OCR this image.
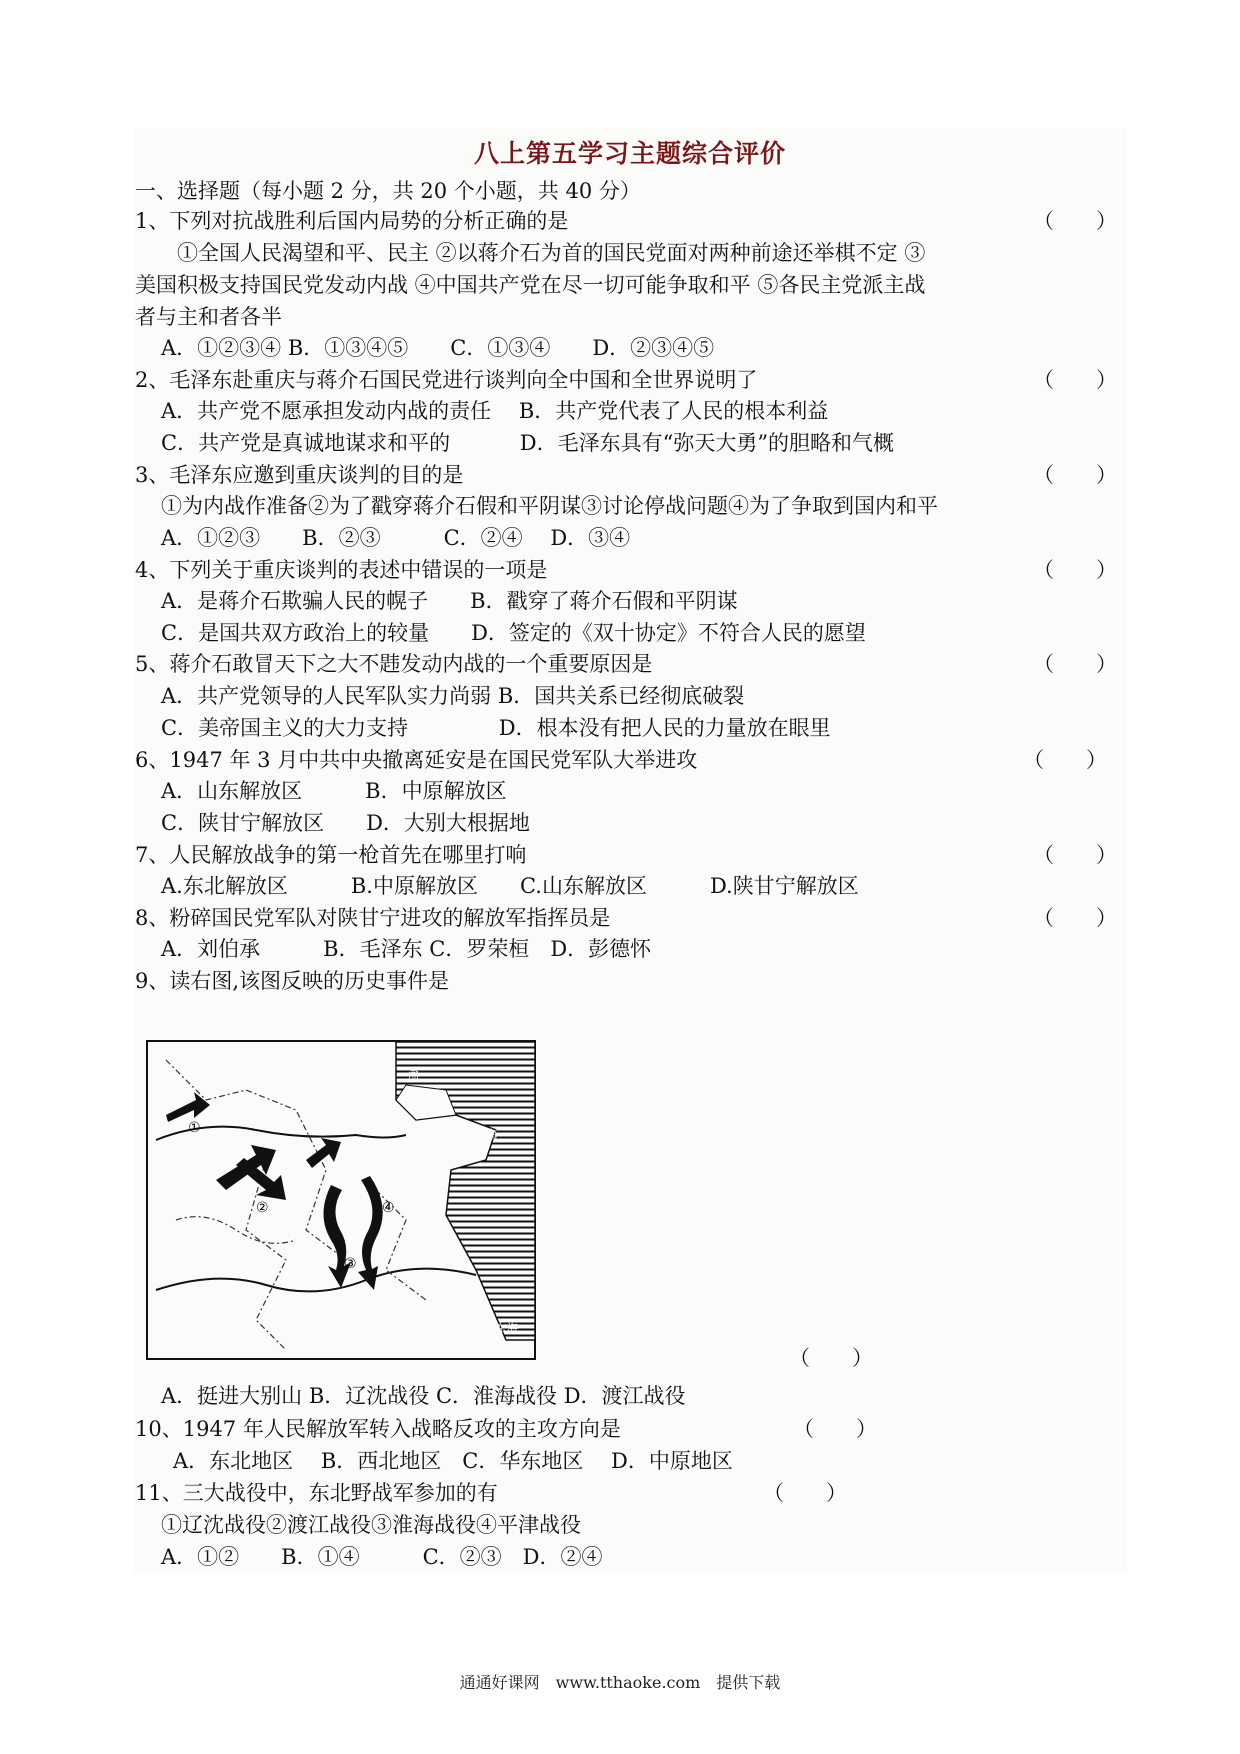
八上第五学习主题综合评价
一、选择题（每小题 2 分，共 20 个小题，共 40 分）
1、下列对抗战胜利后国内局势的分析正确的是	（　　）
①全国人民渴望和平、民主 ②以蒋介石为首的国民党面对两种前途还举棋不定 ③
美国积极支持国民党发动内战 ④中国共产党在尽一切可能争取和平 ⑤各民主党派主战
者与主和者各半
A．①②③④ B．①③④⑤　　C．①③④　　D．②③④⑤
2、毛泽东赴重庆与蒋介石国民党进行谈判向全中国和全世界说明了	（　　）
A．共产党不愿承担发动内战的责任　 B．共产党代表了人民的根本利益
C．共产党是真诚地谋求和平的　　　 D．毛泽东具有“弥天大勇”的胆略和气概
3、毛泽东应邀到重庆谈判的目的是	（　　）
①为内战作准备②为了戳穿蒋介石假和平阴谋③讨论停战问题④为了争取到国内和平
A．①②③　　B．②③　　　C．②④　 D．③④
4、下列关于重庆谈判的表述中错误的一项是	（　　）
A．是蒋介石欺骗人民的幌子　　B．戳穿了蒋介石假和平阴谋
C．是国共双方政治上的较量　　D．签定的《双十协定》不符合人民的愿望
5、蒋介石敢冒天下之大不韪发动内战的一个重要原因是	（　　）
A．共产党领导的人民军队实力尚弱 B．国共关系已经彻底破裂
C．美帝国主义的大力支持　　　　 D．根本没有把人民的力量放在眼里
6、1947 年 3 月中共中央撤离延安是在国民党军队大举进攻	（　　）
A．山东解放区　　　B．中原解放区
C．陕甘宁解放区　　D．大别大根据地
7、人民解放战争的第一枪首先在哪里打响	（　　）
A.东北解放区　　　B.中原解放区　　C.山东解放区　　　D.陕甘宁解放区
8、粉碎国民党军队对陕甘宁进攻的解放军指挥员是	（　　）
A．刘伯承　　　B．毛泽东 C．罗荣桓　D．彭德怀
9、读右图,该图反映的历史事件是
（　　）
A．挺进大别山 B．辽沈战役 C．淮海战役 D．渡江战役
10、1947 年人民解放军转入战略反攻的主攻方向是	（　　）
A．东北地区　 B．西北地区　C．华东地区　 D．中原地区
11、三大战役中，东北野战军参加的有	（　　）
①辽沈战役②渡江战役③淮海战役④平津战役
A．①②　　B．①④　　　C．②③　D．②④
①
②
③
④
渤
黄 海
东海
通通好课网　www.tthaoke.com　提供下载
